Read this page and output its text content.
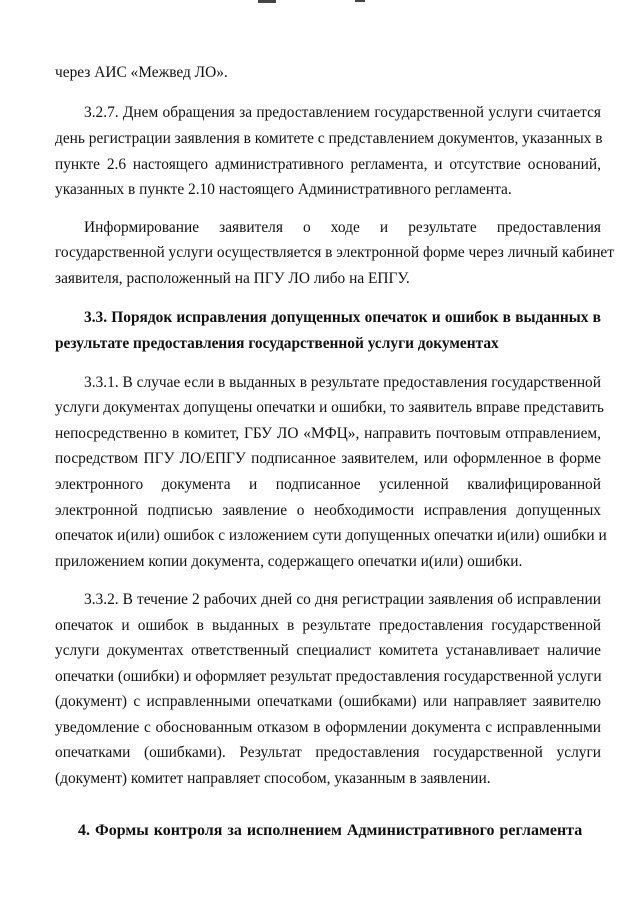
через АИС «Межвед ЛО».
3.2.7. Днем обращения за предоставлением государственной услуги считается
день регистрации заявления в комитете с представлением документов, указанных в
пункте 2.6 настоящего административного регламента, и отсутствие оснований,
указанных в пункте 2.10 настоящего Административного регламента.
Информирование заявителя о ходе и результате предоставления
государственной услуги осуществляется в электронной форме через личный кабинет
заявителя, расположенный на ПГУ ЛО либо на ЕПГУ.
3.3. Порядок исправления допущенных опечаток и ошибок в выданных в
результате предоставления государственной услуги документах
3.3.1. В случае если в выданных в результате предоставления государственной
услуги документах допущены опечатки и ошибки, то заявитель вправе представить
непосредственно в комитет, ГБУ ЛО «МФЦ», направить почтовым отправлением,
посредством ПГУ ЛО/ЕПГУ подписанное заявителем, или оформленное в форме
электронного документа и подписанное усиленной квалифицированной
электронной подписью заявление о необходимости исправления допущенных
опечаток и(или) ошибок с изложением сути допущенных опечатки и(или) ошибки и
приложением копии документа, содержащего опечатки и(или) ошибки.
3.3.2. В течение 2 рабочих дней со дня регистрации заявления об исправлении
опечаток и ошибок в выданных в результате предоставления государственной
услуги документах ответственный специалист комитета устанавливает наличие
опечатки (ошибки) и оформляет результат предоставления государственной услуги
(документ) с исправленными опечатками (ошибками) или направляет заявителю
уведомление с обоснованным отказом в оформлении документа с исправленными
опечатками (ошибками). Результат предоставления государственной услуги
(документ) комитет направляет способом, указанным в заявлении.
4. Формы контроля за исполнением Административного регламента
